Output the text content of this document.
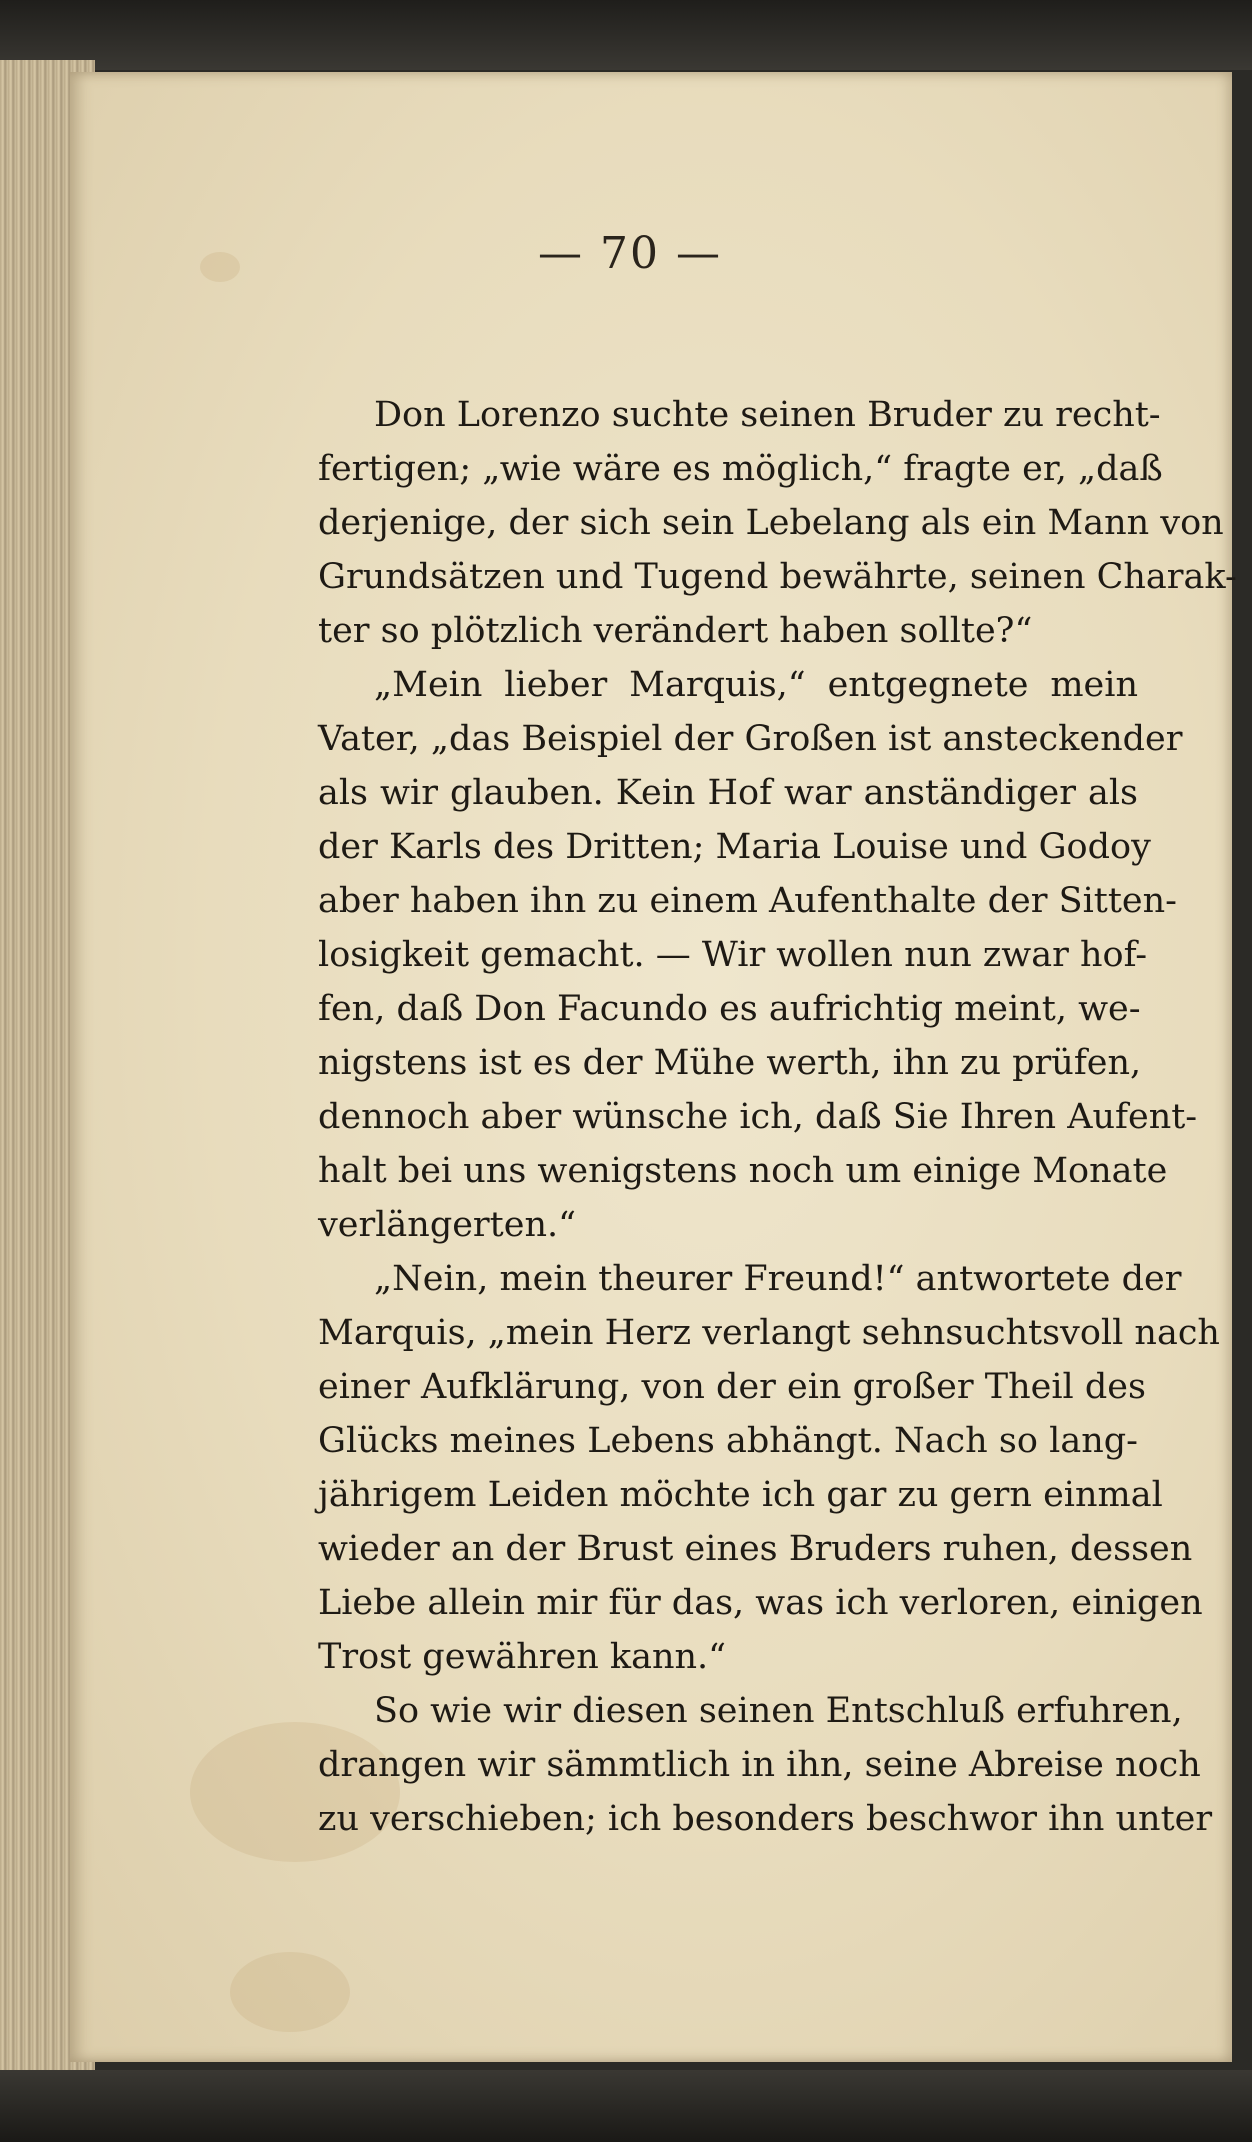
— 70 —
Don Lorenzo suchte seinen Bruder zu recht-
fertigen; „wie wäre es möglich,“ fragte er, „daß
derjenige, der sich sein Lebelang als ein Mann von
Grundsätzen und Tugend bewährte, seinen Charak-
ter so plötzlich verändert haben sollte?“
„Mein lieber Marquis,“ entgegnete mein
Vater, „das Beispiel der Großen ist ansteckender
als wir glauben. Kein Hof war anständiger als
der Karls des Dritten; Maria Louise und Godoy
aber haben ihn zu einem Aufenthalte der Sitten-
losigkeit gemacht. — Wir wollen nun zwar hof-
fen, daß Don Facundo es aufrichtig meint, we-
nigstens ist es der Mühe werth, ihn zu prüfen,
dennoch aber wünsche ich, daß Sie Ihren Aufent-
halt bei uns wenigstens noch um einige Monate
verlängerten.“
„Nein, mein theurer Freund!“ antwortete der
Marquis, „mein Herz verlangt sehnsuchtsvoll nach
einer Aufklärung, von der ein großer Theil des
Glücks meines Lebens abhängt. Nach so lang-
jährigem Leiden möchte ich gar zu gern einmal
wieder an der Brust eines Bruders ruhen, dessen
Liebe allein mir für das, was ich verloren, einigen
Trost gewähren kann.“
So wie wir diesen seinen Entschluß erfuhren,
drangen wir sämmtlich in ihn, seine Abreise noch
zu verschieben; ich besonders beschwor ihn unter
